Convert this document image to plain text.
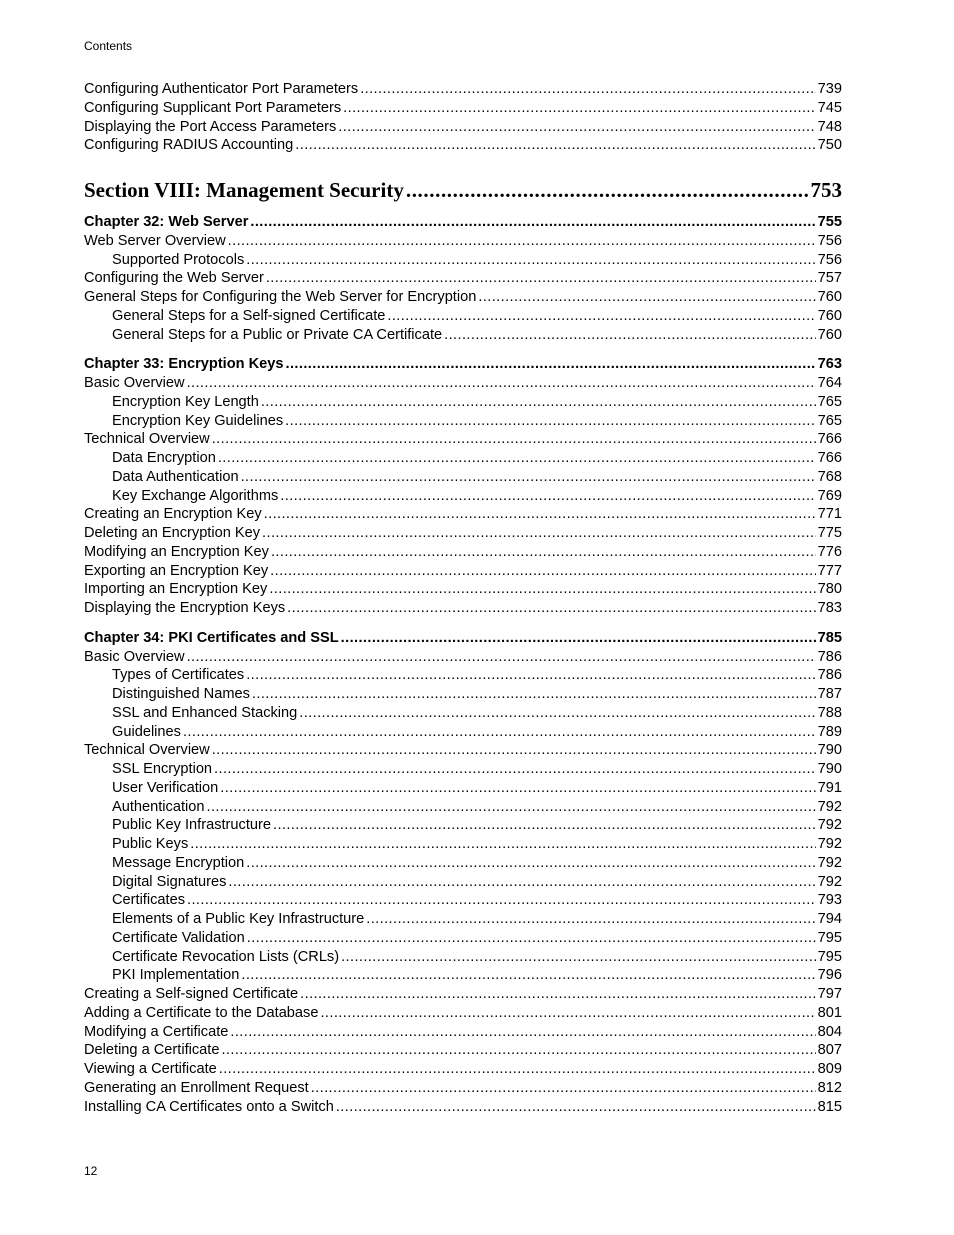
Contents
Configuring Authenticator Port Parameters .....	739
Configuring Supplicant Port Parameters .....	745
Displaying the Port Access Parameters .....	748
Configuring RADIUS Accounting .....	750
Section VIII: Management Security .....	753
Chapter 32: Web Server .....	755
Web Server Overview .....	756
Supported Protocols .....	756
Configuring the Web Server .....	757
General Steps for Configuring the Web Server for Encryption .....	760
General Steps for a Self-signed Certificate .....	760
General Steps for a Public or Private CA Certificate .....	760
Chapter 33: Encryption Keys .....	763
Basic Overview .....	764
Encryption Key Length .....	765
Encryption Key Guidelines .....	765
Technical Overview .....	766
Data Encryption .....	766
Data Authentication .....	768
Key Exchange Algorithms .....	769
Creating an Encryption Key .....	771
Deleting an Encryption Key .....	775
Modifying an Encryption Key .....	776
Exporting an Encryption Key .....	777
Importing an Encryption Key .....	780
Displaying the Encryption Keys .....	783
Chapter 34: PKI Certificates and SSL .....	785
Basic Overview .....	786
Types of Certificates .....	786
Distinguished Names .....	787
SSL and Enhanced Stacking .....	788
Guidelines .....	789
Technical Overview .....	790
SSL Encryption .....	790
User Verification .....	791
Authentication .....	792
Public Key Infrastructure .....	792
Public Keys .....	792
Message Encryption .....	792
Digital Signatures .....	792
Certificates .....	793
Elements of a Public Key Infrastructure .....	794
Certificate Validation .....	795
Certificate Revocation Lists (CRLs) .....	795
PKI Implementation .....	796
Creating a Self-signed Certificate .....	797
Adding a Certificate to the Database .....	801
Modifying a Certificate .....	804
Deleting a Certificate .....	807
Viewing a Certificate .....	809
Generating an Enrollment Request .....	812
Installing CA Certificates onto a Switch .....	815
12
